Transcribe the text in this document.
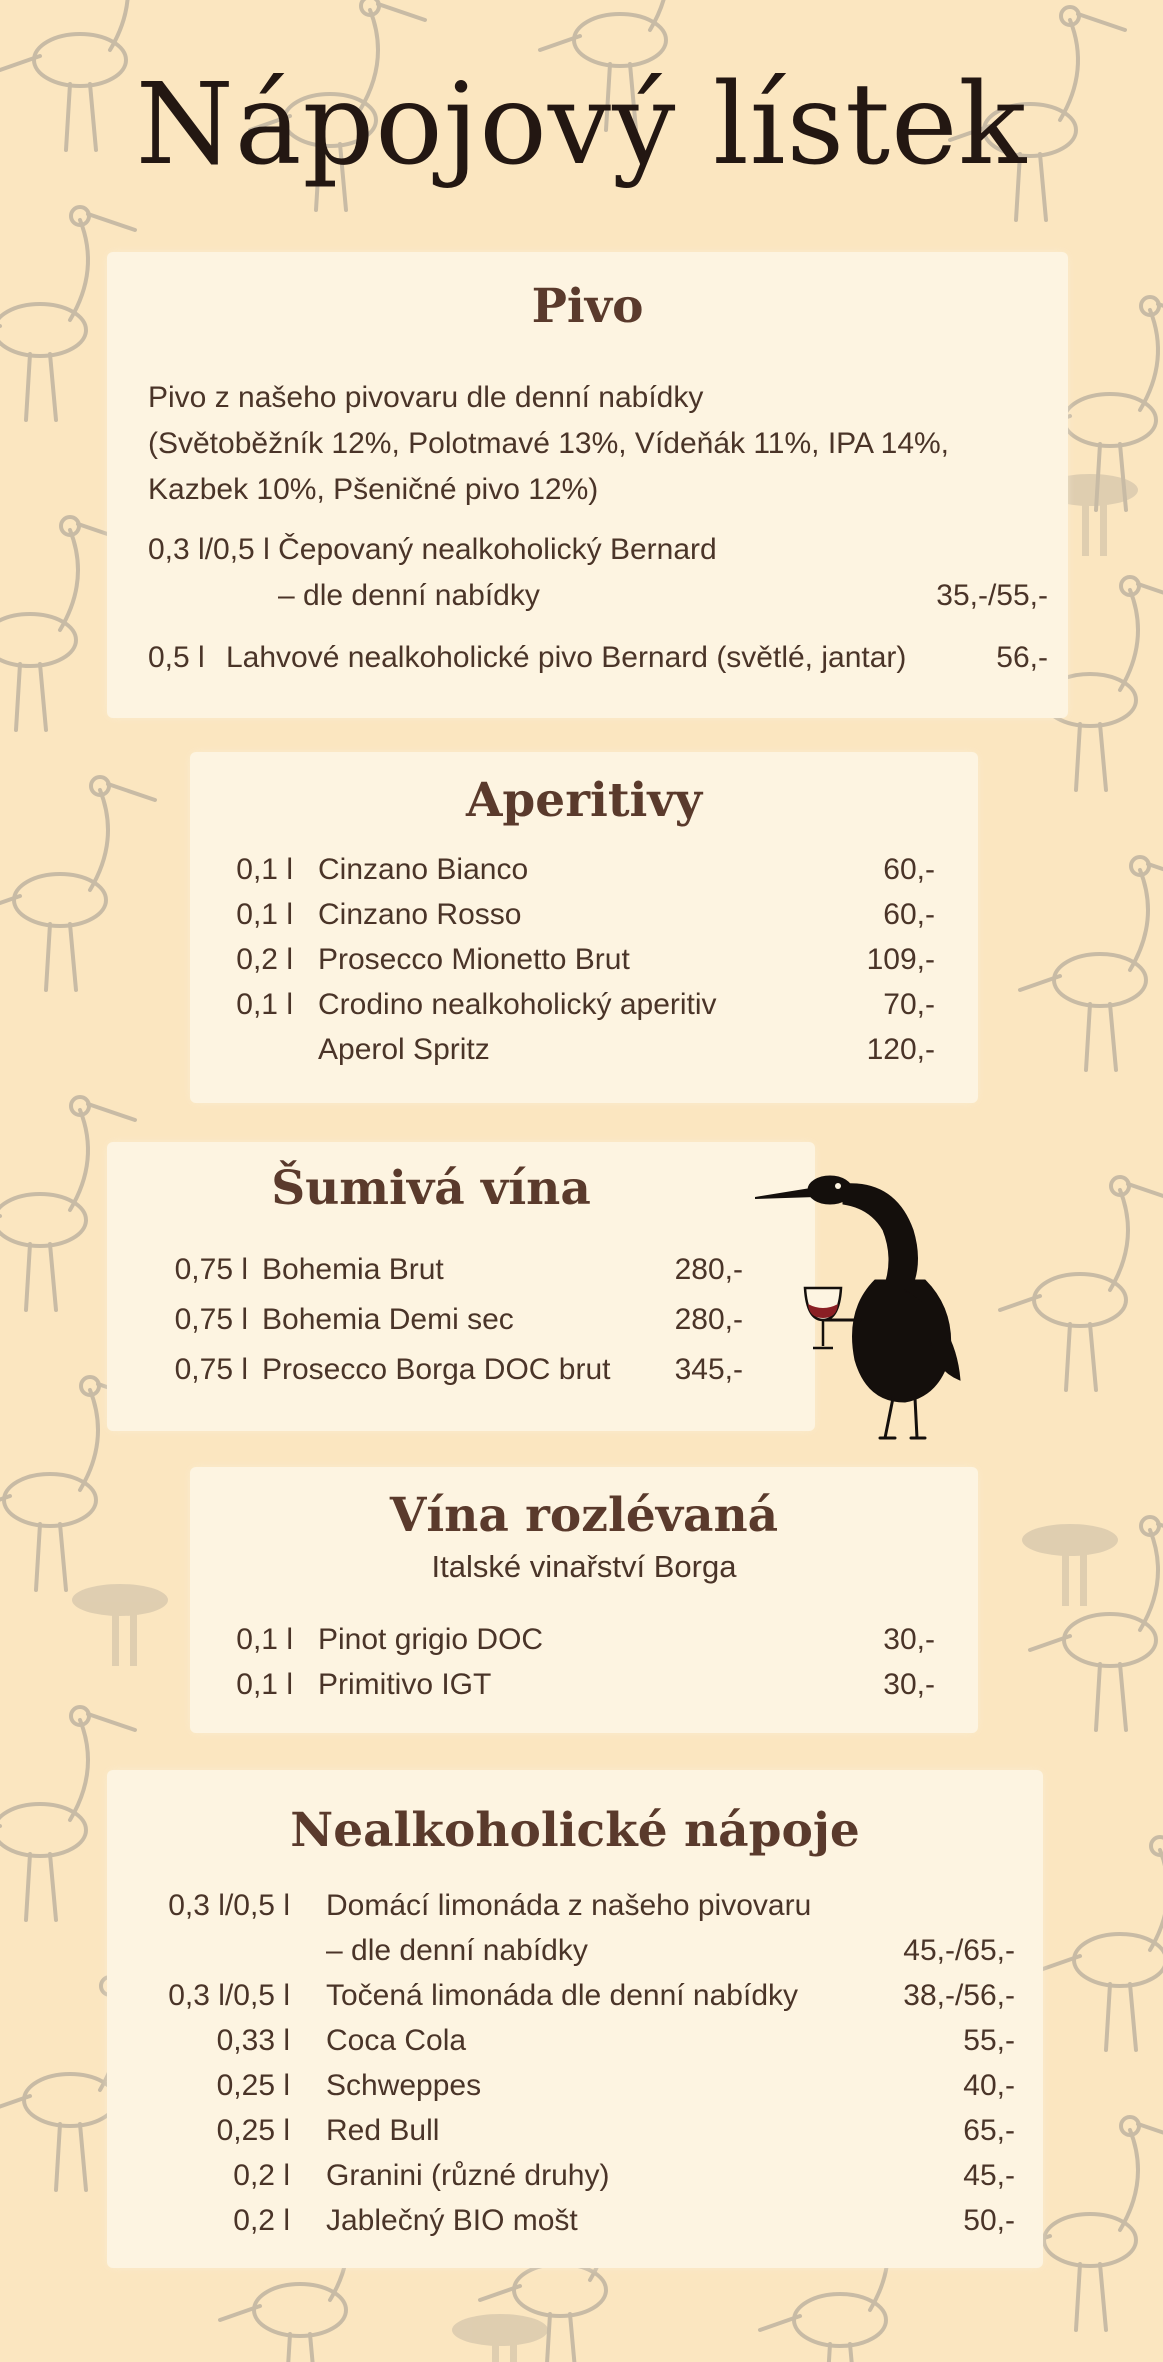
Nápojový lístek
Pivo
Pivo z našeho pivovaru dle denní nabídky
(Světoběžník 12%, Polotmavé 13%, Vídeňák 11%, IPA 14%,
Kazbek 10%, Pšeničné pivo 12%)
0,3 l/0,5 l Čepovaný nealkoholický Bernard
– dle denní nabídky	35,-/55,-
0,5 l Lahvové nealkoholické pivo Bernard (světlé, jantar)	56,-
Aperitivy
0,1 l Cinzano Bianco	60,-
0,1 l Cinzano Rosso	60,-
0,2 l Prosecco Mionetto Brut	109,-
0,1 l Crodino nealkoholický aperitiv	70,-
Aperol Spritz	120,-
Šumivá vína
0,75 l Bohemia Brut	280,-
0,75 l Bohemia Demi sec	280,-
0,75 l Prosecco Borga DOC brut	345,-
Vína rozlévaná
Italské vinařství Borga
0,1 l Pinot grigio DOC	30,-
0,1 l Primitivo IGT	30,-
Nealkoholické nápoje
0,3 l/0,5 l	Domácí limonáda z našeho pivovaru
– dle denní nabídky	45,-/65,-
0,3 l/0,5 l	Točená limonáda dle denní nabídky	38,-/56,-
0,33 l	Coca Cola	55,-
0,25 l	Schweppes	40,-
0,25 l	Red Bull	65,-
0,2 l	Granini (různé druhy)	45,-
0,2 l	Jablečný BIO mošt	50,-
